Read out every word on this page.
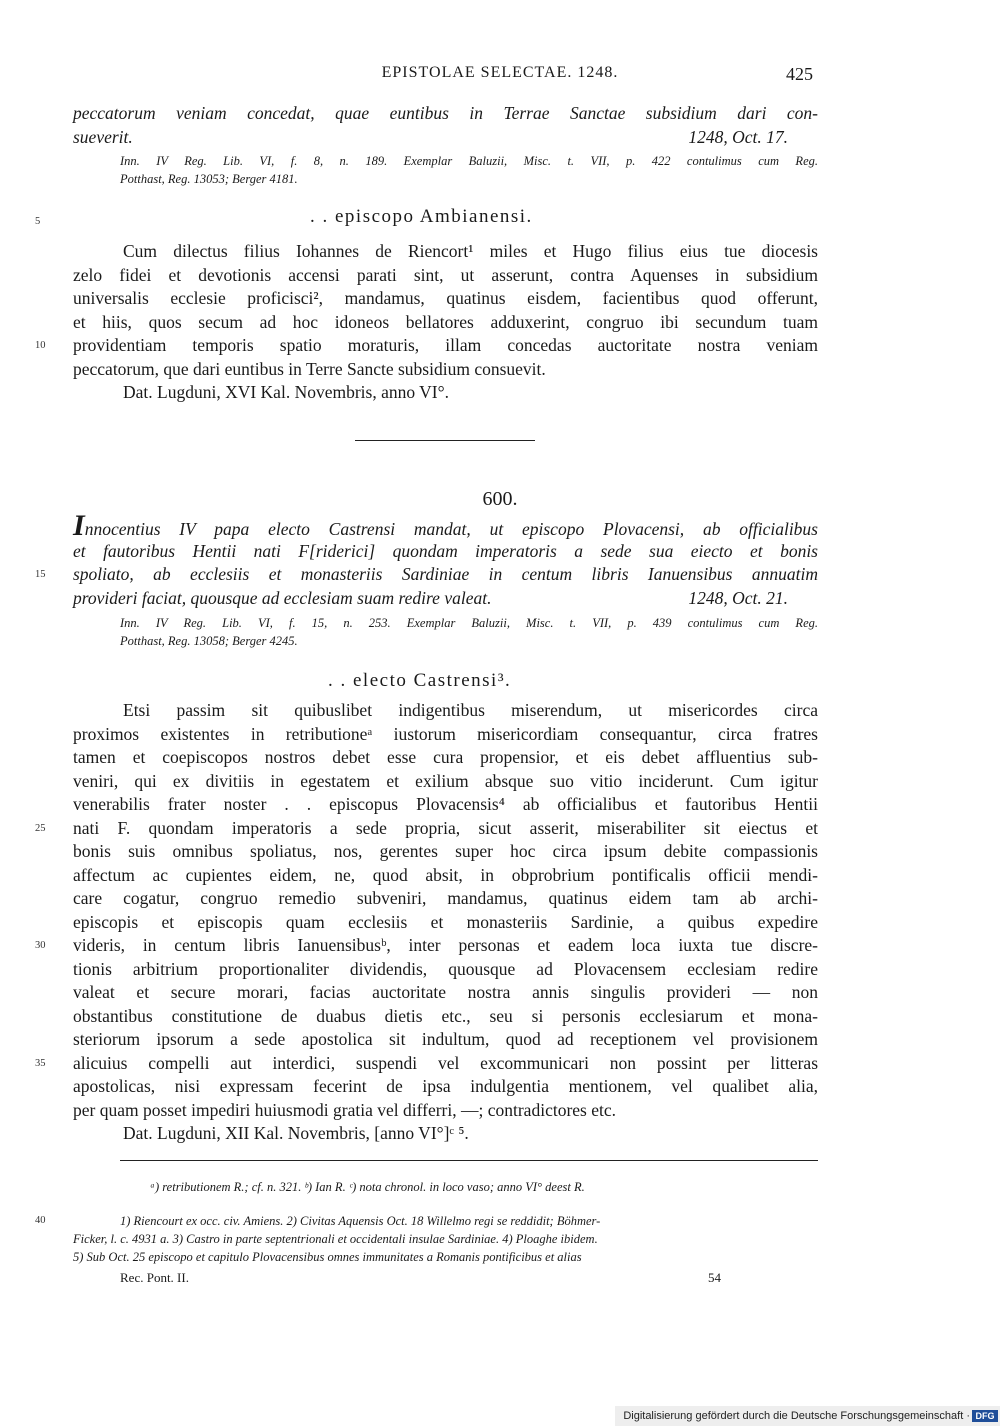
EPISTOLAE SELECTAE. 1248.	425
peccatorum veniam concedat, quae euntibus in Terrae Sanctae subsidium dari con-
sueverit.	1248, Oct. 17.
Inn. IV Reg. Lib. VI, f. 8, n. 189. Exemplar Baluzii, Misc. t. VII, p. 422 contulimus cum Reg.
Potthast, Reg. 13053; Berger 4181.
5	. . episcopo Ambianensi.
Cum dilectus filius Iohannes de Riencort¹ miles et Hugo filius eius tue diocesis
zelo fidei et devotionis accensi parati sint, ut asserunt, contra Aquenses in subsidium
universalis ecclesie proficisci², mandamus, quatinus eisdem, facientibus quod offerunt,
et hiis, quos secum ad hoc idoneos bellatores adduxerint, congruo ibi secundum tuam
10	providentiam temporis spatio moraturis, illam concedas auctoritate nostra veniam
peccatorum, que dari euntibus in Terre Sancte subsidium consuevit.
Dat. Lugduni, XVI Kal. Novembris, anno VI°.
600.
Innocentius IV papa electo Castrensi mandat, ut episcopo Plovacensi, ab officialibus
et fautoribus Hentii nati F[riderici] quondam imperatoris a sede sua eiecto et bonis
15	spoliato, ab ecclesiis et monasteriis Sardiniae in centum libris Ianuensibus annuatim
provideri faciat, quousque ad ecclesiam suam redire valeat.	1248, Oct. 21.
Inn. IV Reg. Lib. VI, f. 15, n. 253. Exemplar Baluzii, Misc. t. VII, p. 439 contulimus cum Reg.
Potthast, Reg. 13058; Berger 4245.
. . electo Castrensi³.
Etsi passim sit quibuslibet indigentibus miserendum, ut misericordes circa
proximos existentes in retributioneᵃ iustorum misericordiam consequantur, circa fratres
tamen et coepiscopos nostros debet esse cura propensior, et eis debet affluentius sub-
veniri, qui ex divitiis in egestatem et exilium absque suo vitio inciderunt. Cum igitur
venerabilis frater noster . . episcopus Plovacensis⁴ ab officialibus et fautoribus Hentii
25	nati F. quondam imperatoris a sede propria, sicut asserit, miserabiliter sit eiectus et
bonis suis omnibus spoliatus, nos, gerentes super hoc circa ipsum debite compassionis
affectum ac cupientes eidem, ne, quod absit, in obprobrium pontificalis officii mendi-
care cogatur, congruo remedio subveniri, mandamus, quatinus eidem tam ab archi-
episcopis et episcopis quam ecclesiis et monasteriis Sardinie, a quibus expedire
30	videris, in centum libris Ianuensibusᵇ, inter personas et eadem loca iuxta tue discre-
tionis arbitrium proportionaliter dividendis, quousque ad Plovacensem ecclesiam redire
valeat et secure morari, facias auctoritate nostra annis singulis provideri — non
obstantibus constitutione de duabus dietis etc., seu si personis ecclesiarum et mona-
steriorum ipsorum a sede apostolica sit indultum, quod ad receptionem vel provisionem
35	alicuius compelli aut interdici, suspendi vel excommunicari non possint per litteras
apostolicas, nisi expressam fecerint de ipsa indulgentia mentionem, vel qualibet alia,
per quam posset impediri huiusmodi gratia vel differri, —; contradictores etc.
Dat. Lugduni, XII Kal. Novembris, [anno VI°]ᶜ ⁵.
ᵃ) retributionem R.; cf. n. 321. ᵇ) Ian R. ᶜ) nota chronol. in loco vaso; anno VI° deest R.
40	1) Riencourt ex occ. civ. Amiens. 2) Civitas Aquensis Oct. 18 Willelmo regi se reddidit; Böhmer-
Ficker, l. c. 4931 a. 3) Castro in parte septentrionali et occidentali insulae Sardiniae. 4) Ploaghe ibidem.
5) Sub Oct. 25 episcopo et capitulo Plovacensibus omnes immunitates a Romanis pontificibus et alias
Rec. Pont. II.	54
Digitalisierung gefördert durch die Deutsche Forschungsgemeinschaft · DFG
